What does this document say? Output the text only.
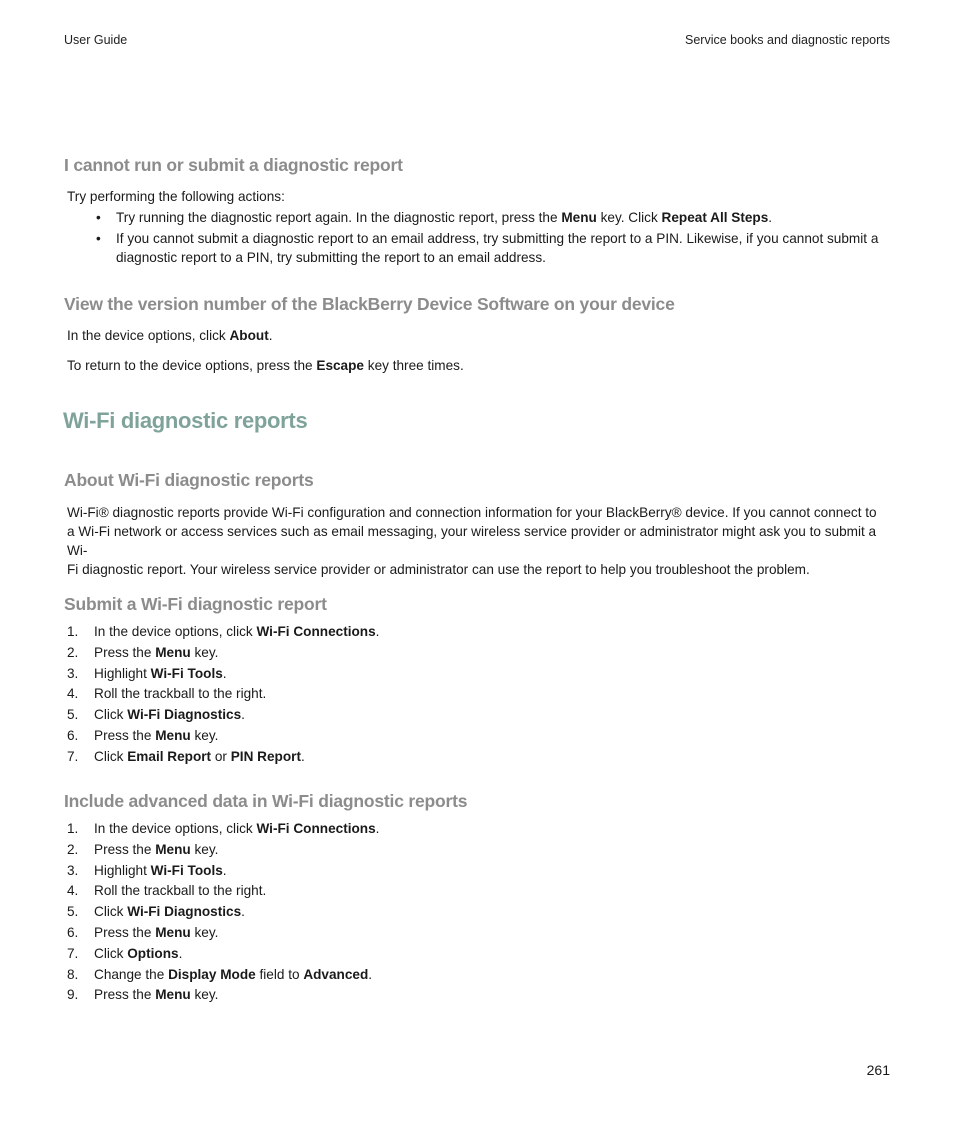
User Guide	Service books and diagnostic reports
I cannot run or submit a diagnostic report

Try performing the following actions:

• Try running the diagnostic report again. In the diagnostic report, press the Menu key. Click Repeat All Steps.

• If you cannot submit a diagnostic report to an email address, try submitting the report to a PIN. Likewise, if you cannot submit a
diagnostic report to a PIN, try submitting the report to an email address.

View the version number of the BlackBerry Device Software on your device

In the device options, click About.

To return to the device options, press the Escape key three times.

Wi-Fi diagnostic reports
About Wi-Fi diagnostic reports

Wi-Fi® diagnostic reports provide Wi-Fi configuration and connection information for your BlackBerry® device. If you cannot connect to
a Wi-Fi network or access services such as email messaging, your wireless service provider or administrator might ask you to submit a Wi-
Fi diagnostic report. Your wireless service provider or administrator can use the report to help you troubleshoot the problem.

Submit a Wi-Fi diagnostic report
1. In the device options, click Wi-Fi Connections.
2. Press the Menu key.
3. Highlight Wi-Fi Tools.
4. Roll the trackball to the right.
5. Click Wi-Fi Diagnostics.
6. Press the Menu key.
7. Click Email Report or PIN Report.
Include advanced data in Wi-Fi diagnostic reports
1. In the device options, click Wi-Fi Connections.
2. Press the Menu key.
3. Highlight Wi-Fi Tools.
4. Roll the trackball to the right.
5. Click Wi-Fi Diagnostics.
6. Press the Menu key.
7. Click Options.
8. Change the Display Mode field to Advanced.
9. Press the Menu key.
261
